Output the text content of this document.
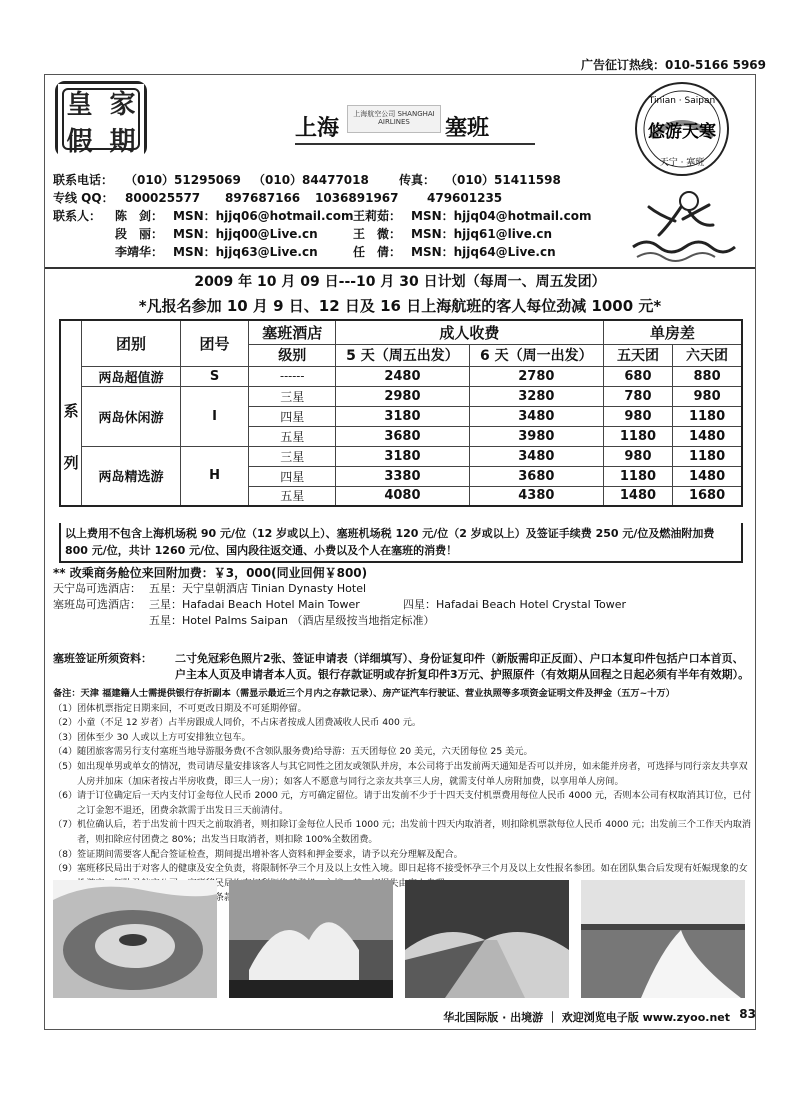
广告征订热线：010-5166 5969
皇 家
假 期	上海
上海航空公司 SHANGHAI AIRLINES	塞班
Tinian · Saipan
悠游天寒
天宁 · 塞班
联系电话： （010）51295069 （010）84477018	传真： （010）51411598
专线 QQ： 800025577 897687166 1036891967 479601235
联系人： 陈　剑： MSN：hjjq06@hotmail.com 王莉茹： MSN：hjjq04@hotmail.com
段　丽： MSN：hjjq00@Live.cn	王　微： MSN：hjjq61@live.cn
李靖华： MSN：hjjq63@Live.cn	任　倩： MSN：hjjq64@Live.cn
2009 年 10 月 09 日---10 月 30 日计划（每周一、周五发团）
*凡报名参加 10 月 9 日、12 日及 16 日上海航班的客人每位劲减 1000 元*
系
列	团别	团号	塞班酒店	成人收费		单房差	
			级别	5 天（周五出发）	6 天（周一出发）	五天团	六天团
	两岛超值游	S	------	2480	2780	680	880
	两岛休闲游	I	三星	2980	3280	780	980
			四星	3180	3480	980	1180
			五星	3680	3980	1180	1480
	两岛精选游	H	三星	3180	3480	980	1180
			四星	3380	3680	1180	1480
			五星	4080	4380	1480	1680
以上费用不包含上海机场税 90 元/位（12 岁或以上）、塞班机场税 120 元/位（2 岁或以上）及签证手续费 250 元/位及燃油附加费 800 元/位，共计 1260 元/位、国内段往返交通、小费以及个人在塞班的消费！
** 改乘商务舱位来回附加费：￥3，000(同业回佣￥800)
天宁岛可选酒店： 五星：天宁皇朝酒店 Tinian Dynasty Hotel
塞班岛可选酒店： 三星：Hafadai Beach Hotel Main Tower	四星：Hafadai Beach Hotel Crystal Tower
五星：Hotel Palms Saipan （酒店星级按当地指定标准）
塞班签证所须资料： 二寸免冠彩色照片2张、签证申请表（详细填写）、身份证复印件（新版需印正反面）、户口本复印件包括户口本首页、户主本人页及申请者本人页。银行存款证明或存折复印件3万元、护照原件（有效期从回程之日起必须有半年有效期）。
备注：天津 福建籍人士需提供银行存折副本（需显示最近三个月内之存款记录）、房产证汽车行驶证、营业执照等多项资金证明文件及押金（五万~十万）
（1） 团体机票指定日期来回，不可更改日期及不可延期停留。
（2） 小童（不足 12 岁者）占半房跟成人同价，不占床者按成人团费减收人民币 400 元。
（3） 团体至少 30 人或以上方可安排独立包车。
（4） 随团旅客需另行支付塞班当地导游服务费(不含领队服务费)给导游：五天团每位 20 美元，六天团每位 25 美元。
（5） 如出现单男或单女的情况，贵司请尽量安排该客人与其它同性之团友或领队并房，本公司将于出发前两天通知是否可以并房，如未能并房者，可选择与同行亲友共享双人房并加床（加床者按占半房收费，即三人一房）；如客人不愿意与同行之亲友共享三人房，就需支付单人房附加费，以享用单人房间。
（6） 请于订位确定后一天内支付订金每位人民币 2000 元，方可确定留位。请于出发前不少于十四天支付机票费用每位人民币 4000 元，否则本公司有权取消其订位，已付之订金恕不退还，团费余款需于出发日三天前清付。
（7） 机位确认后，若于出发前十四天之前取消者，则扣除订金每位人民币 1000 元；出发前十四天内取消者，则扣除机票款每位人民币 4000 元；出发前三个工作天内取消者，则扣除应付团费之 80%；出发当日取消者，则扣除 100%全数团费。
（8） 签证期间需要客人配合签证检查，期间提出增补客人资料和押金要求，请予以充分理解及配合。
（9） 塞班移民局出于对客人的健康及安全负责，将限制怀孕三个月及以上女性入境。即日起将不接受怀孕三个月及以上女性报名参团。如在团队集合后发现有妊娠现象的女 塞班移民局均有 损失由客
华北国际版 · 出境游 ｜ 欢迎浏览电子版 www.zyoo.net 83
